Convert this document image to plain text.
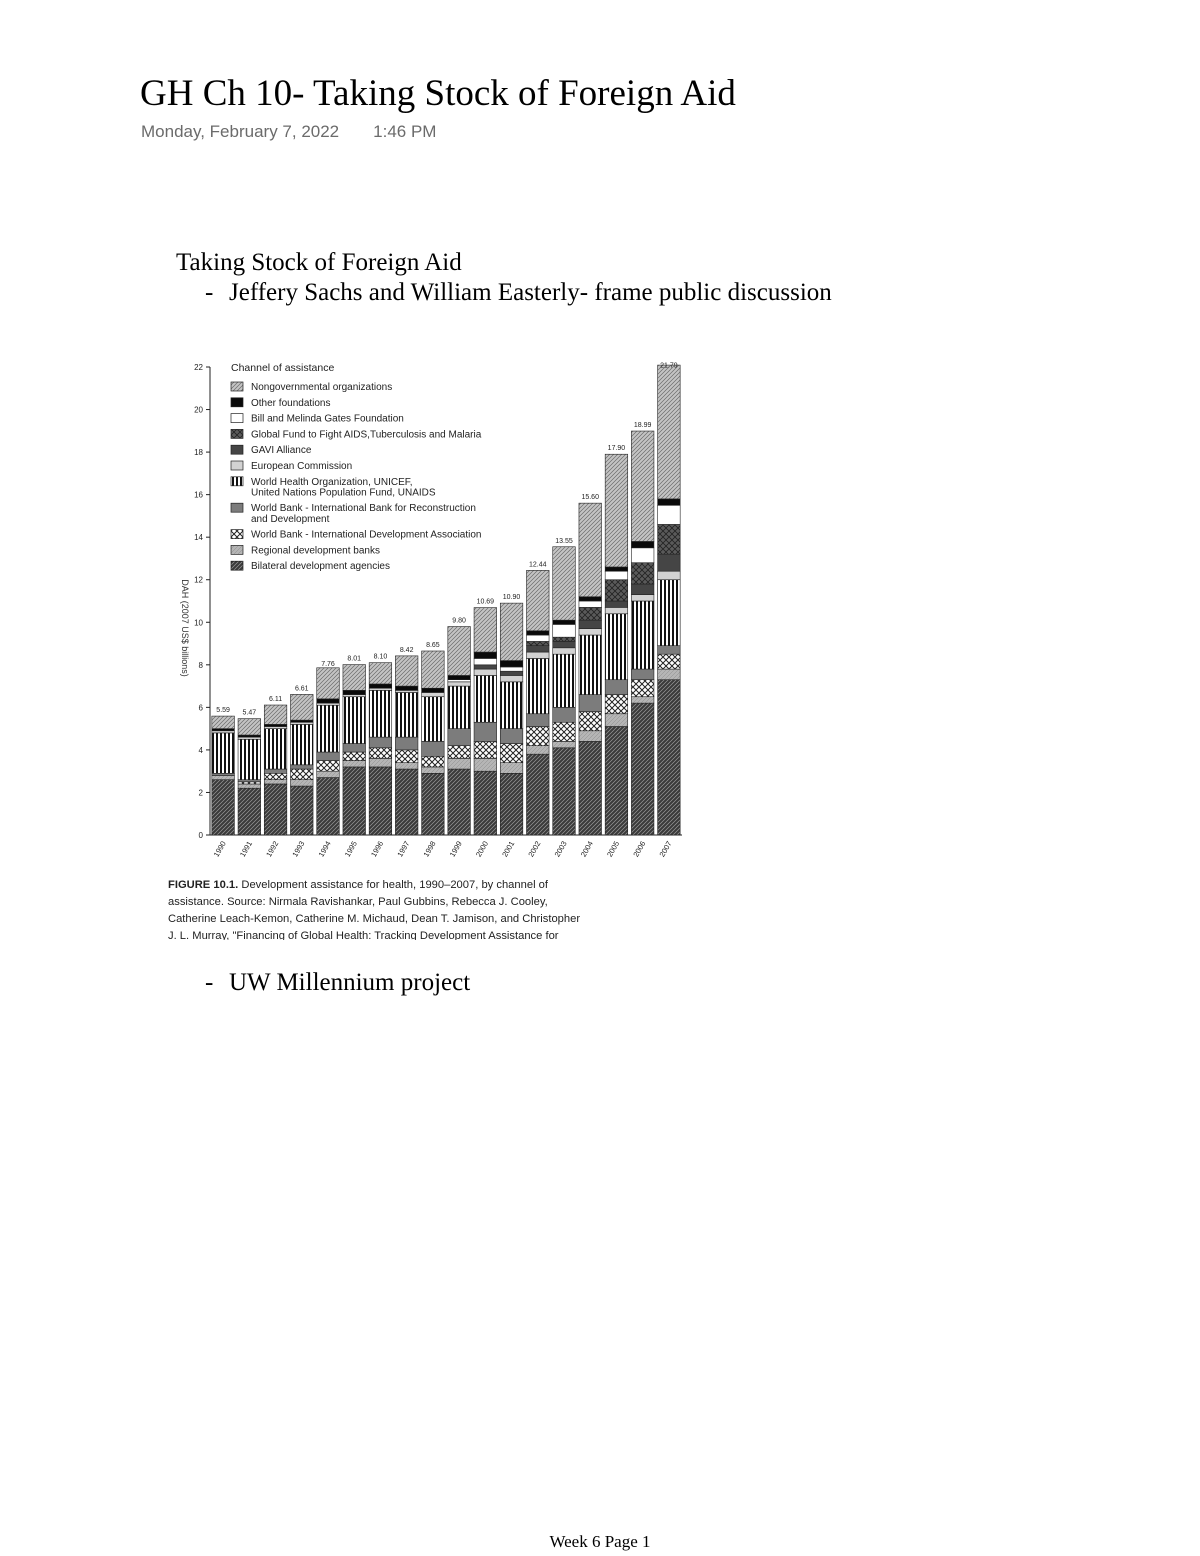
GH Ch 10- Taking Stock of Foreign Aid
Monday, February 7, 2022 1:46 PM
Taking Stock of Foreign Aid
- Jeffery Sachs and William Easterly- frame public discussion
DAH (2007 US$ billions)
0
2
4
6
8
10
12
14
16
18
20
22
5.59 5.47
6.11
6.61
7.76
8.01 8.10
8.42
8.65
9.80
10.69
10.90
12.44
13.55
15.60
17.90
18.99
21.79
1990 1991 1992 1993 1994 1995 1996 1997 1998 1999 2000 2001 2002 2003 2004 2005 2006 2007
Channel of assistance
Nongovernmental organizations
Other foundations
Bill and Melinda Gates Foundation
Global Fund to Fight AIDS,Tuberculosis and Malaria
GAVI Alliance
European Commission
World Health Organization, UNICEF,
United Nations Population Fund, UNAIDS
World Bank - International Bank for Reconstruction
and Development
World Bank - International Development Association
Regional development banks
Bilateral development agencies
FIGURE 10.1. Development assistance for health, 1990–2007, by channel of
assistance. Source: Nirmala Ravishankar, Paul Gubbins, Rebecca J. Cooley,
Catherine Leach-Kemon, Catherine M. Michaud, Dean T. Jamison, and Christopher
J. L. Murray, "Financing of Global Health: Tracking Development Assistance for
- UW Millennium project
Week 6 Page 1
